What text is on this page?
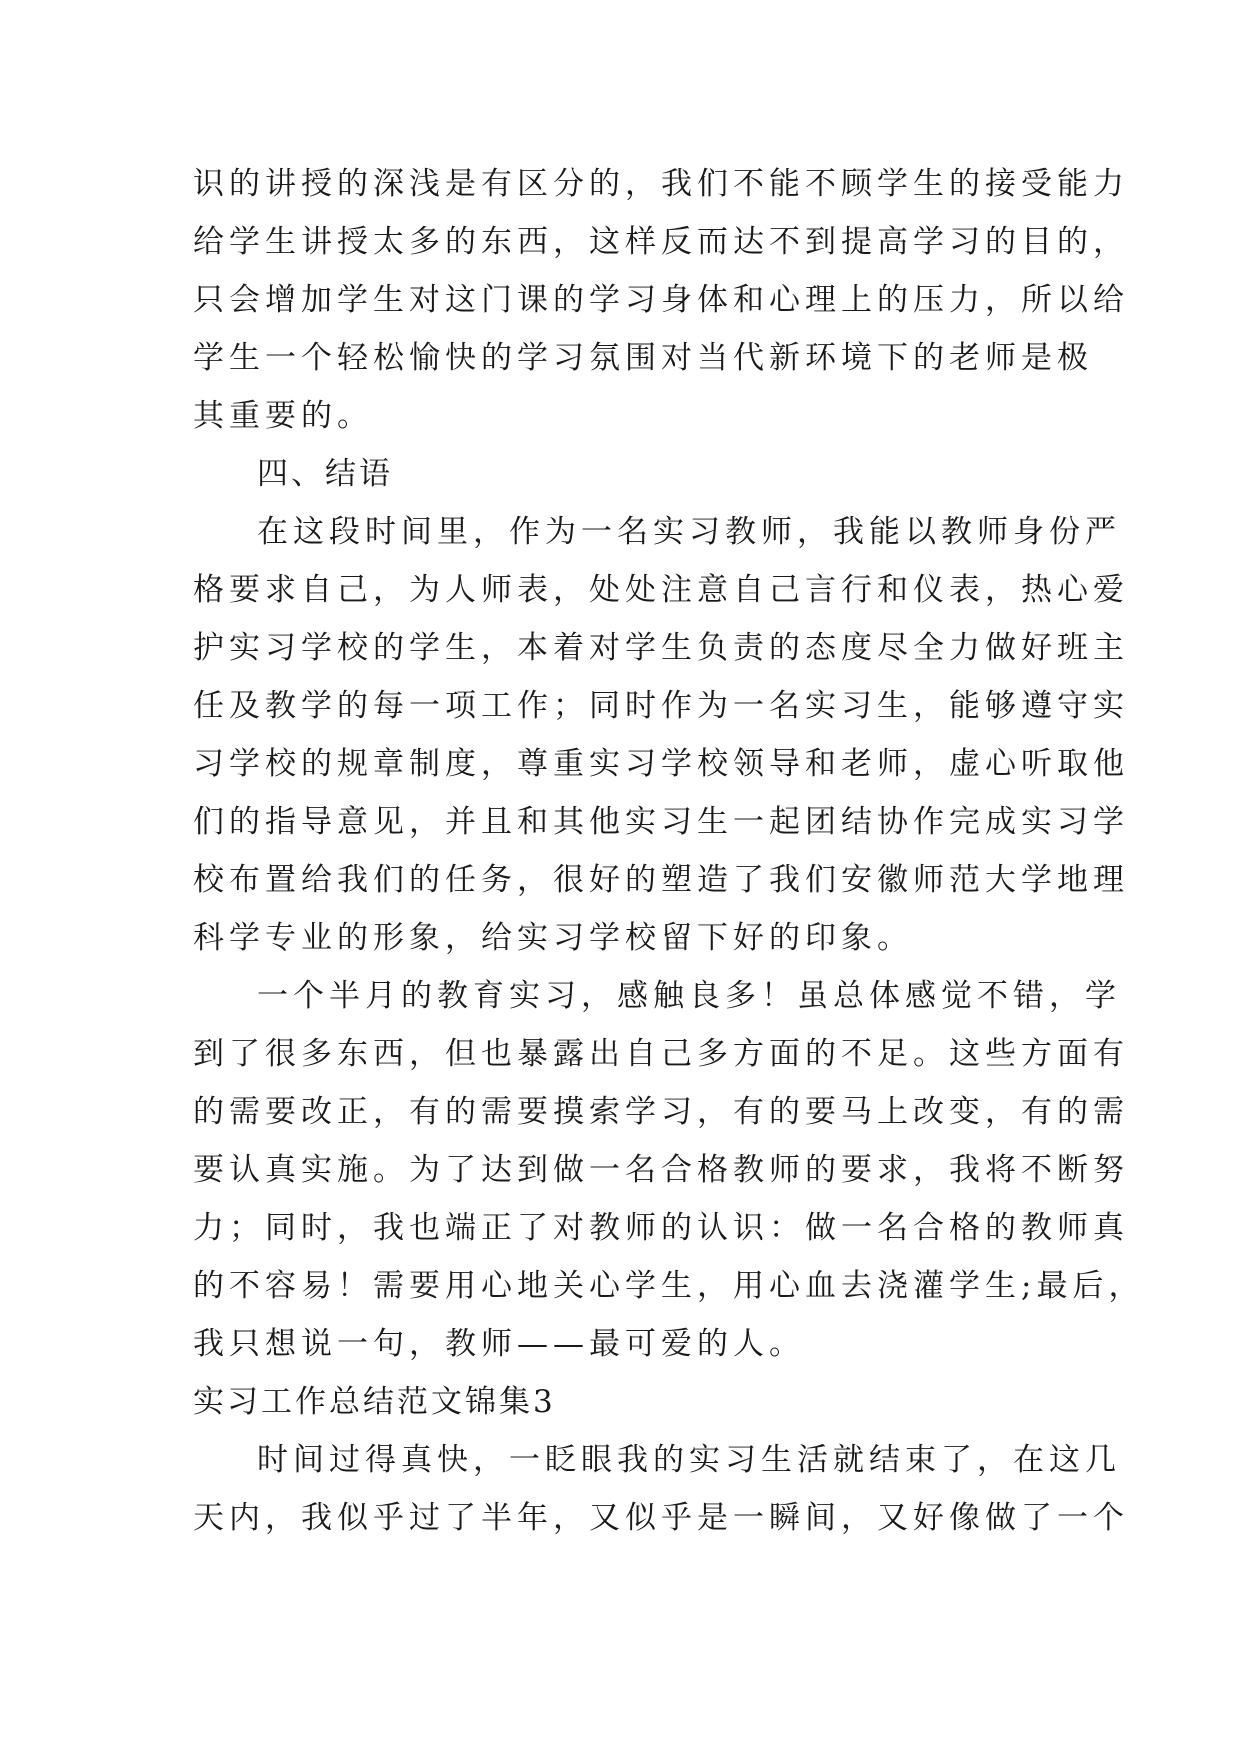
识的讲授的深浅是有区分的，我们不能不顾学生的接受能力
给学生讲授太多的东西，这样反而达不到提高学习的目的，
只会增加学生对这门课的学习身体和心理上的压力，所以给
学生一个轻松愉快的学习氛围对当代新环境下的老师是极
其重要的。
四、结语
在这段时间里，作为一名实习教师，我能以教师身份严
格要求自己，为人师表，处处注意自己言行和仪表，热心爱
护实习学校的学生，本着对学生负责的态度尽全力做好班主
任及教学的每一项工作；同时作为一名实习生，能够遵守实
习学校的规章制度，尊重实习学校领导和老师，虚心听取他
们的指导意见，并且和其他实习生一起团结协作完成实习学
校布置给我们的任务，很好的塑造了我们安徽师范大学地理
科学专业的形象，给实习学校留下好的印象。
一个半月的教育实习，感触良多！虽总体感觉不错，学
到了很多东西，但也暴露出自己多方面的不足。这些方面有
的需要改正，有的需要摸索学习，有的要马上改变，有的需
要认真实施。为了达到做一名合格教师的要求，我将不断努
力；同时，我也端正了对教师的认识：做一名合格的教师真
的不容易！需要用心地关心学生，用心血去浇灌学生;最后，
我只想说一句，教师——最可爱的人。
实习工作总结范文锦集3
时间过得真快，一眨眼我的实习生活就结束了，在这几
天内，我似乎过了半年，又似乎是一瞬间，又好像做了一个
